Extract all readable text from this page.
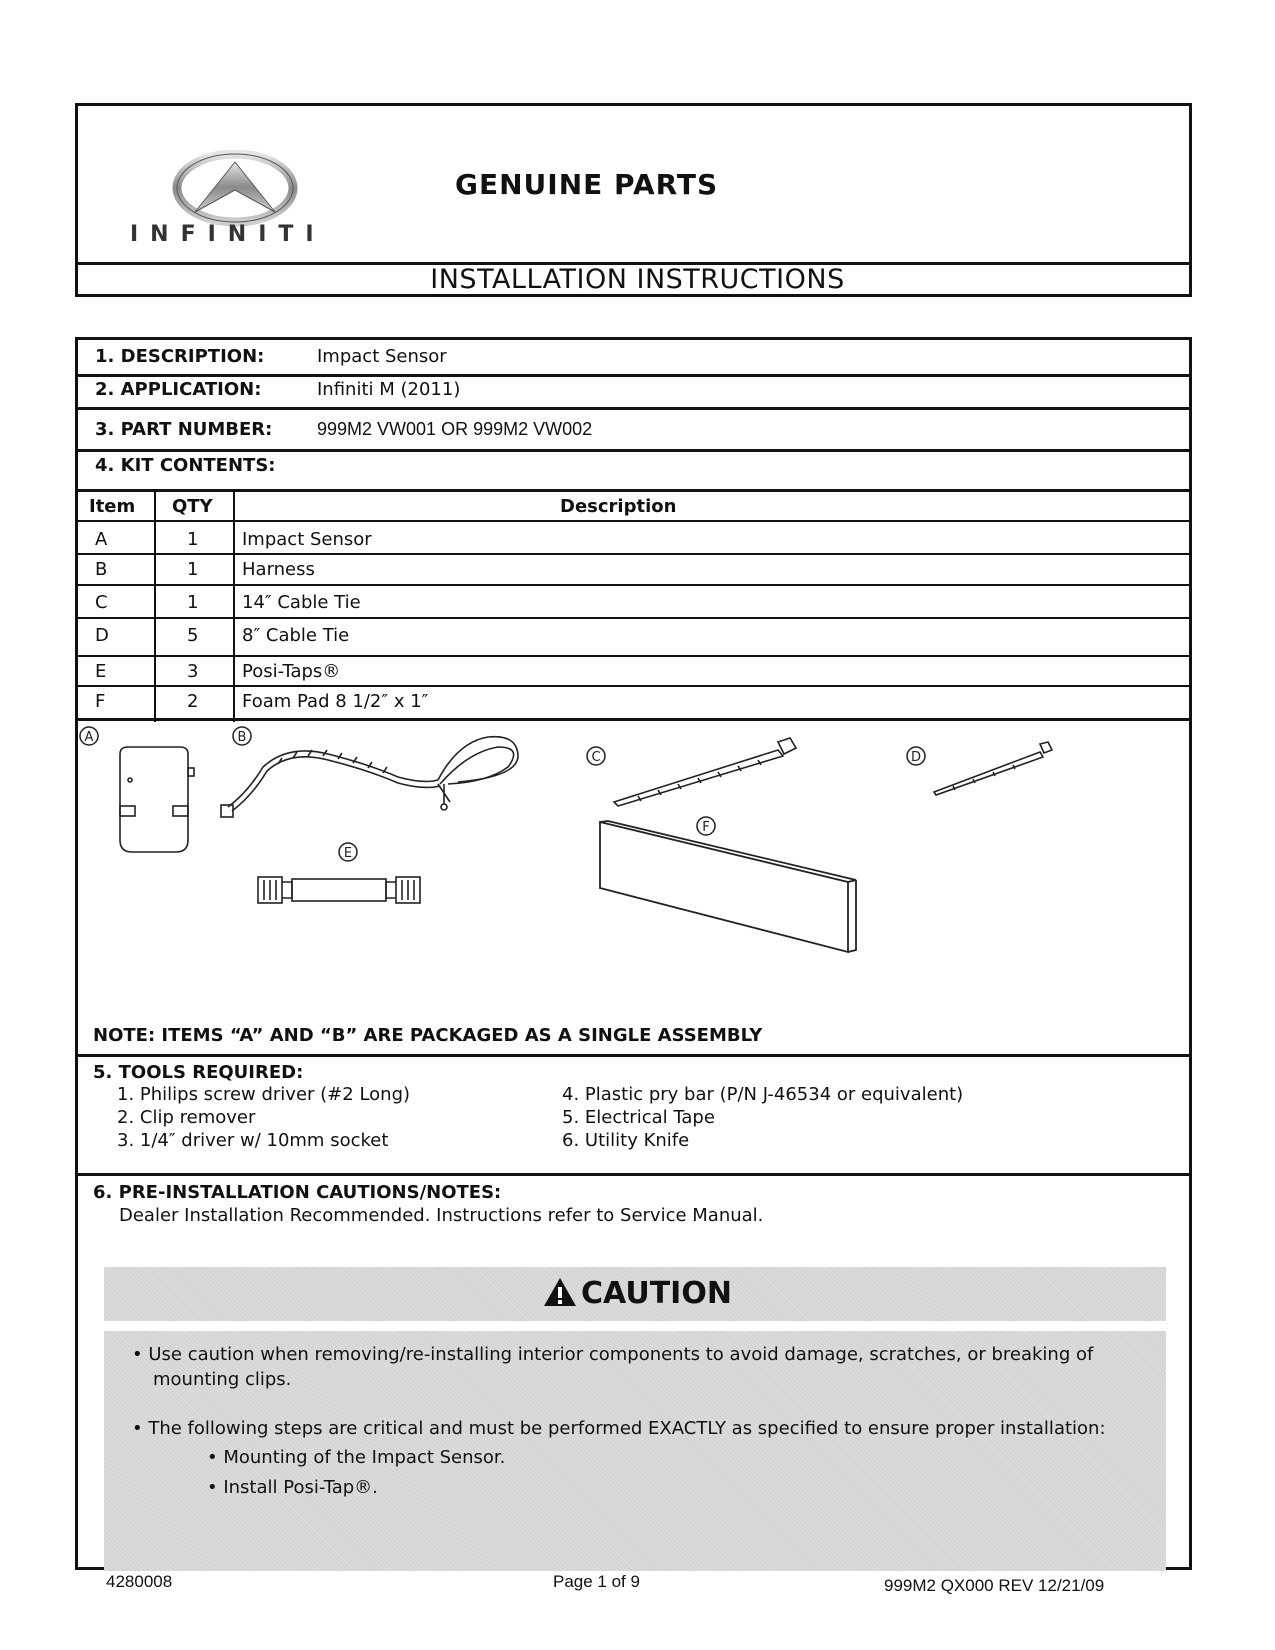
INFINITI
GENUINE PARTS
INSTALLATION INSTRUCTIONS
1. DESCRIPTION:	Impact Sensor
2. APPLICATION:	Infiniti M (2011)
3. PART NUMBER: 999M2 VW001 OR 999M2 VW002
4. KIT CONTENTS:
Item QTY	Description
A	1 Impact Sensor
B	1 Harness
C	1 14″ Cable Tie
D	5 8″ Cable Tie
E	3 Posi-Taps®
F	2 Foam Pad 8 1/2″ x 1″
A	B
C	D
E
F
NOTE: ITEMS “A” AND “B” ARE PACKAGED AS A SINGLE ASSEMBLY
5. TOOLS REQUIRED:
1. Philips screw driver (#2 Long)
2. Clip remover
3. 1/4″ driver w/ 10mm socket
4. Plastic pry bar (P/N J-46534 or equivalent)
5. Electrical Tape
6. Utility Knife
6. PRE-INSTALLATION CAUTIONS/NOTES:
Dealer Installation Recommended. Instructions refer to Service Manual.
CAUTION
• Use caution when removing/re-installing interior components to avoid damage, scratches, or breaking of
mounting clips.
• The following steps are critical and must be performed EXACTLY as specified to ensure proper installation:
• Mounting of the Impact Sensor.
• Install Posi-Tap®.
4280008	Page 1 of 9	999M2 QX000 REV 12/21/09
